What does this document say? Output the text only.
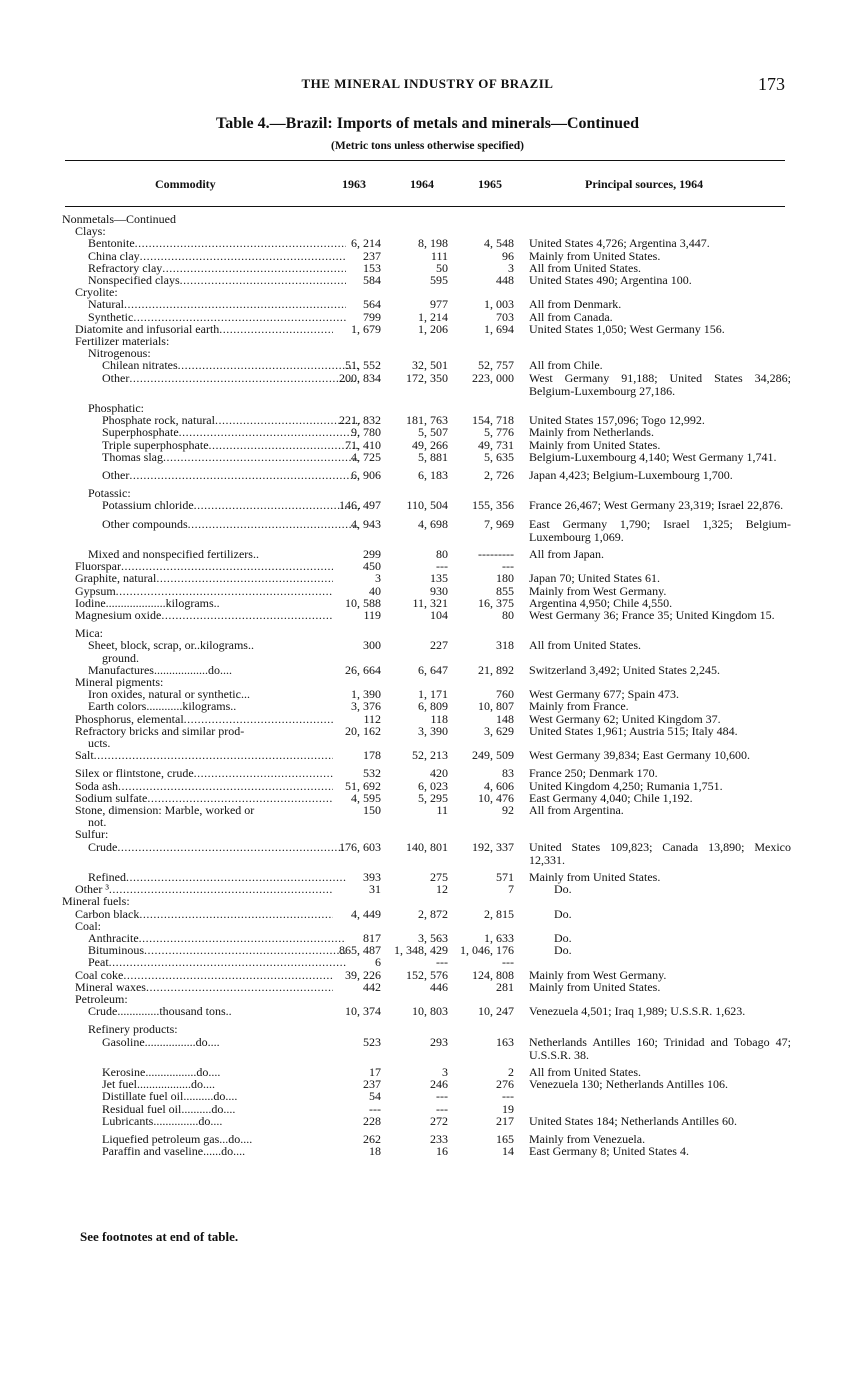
THE MINERAL INDUSTRY OF BRAZIL	173
Table 4.—Brazil: Imports of metals and minerals—Continued
(Metric tons unless otherwise specified)
Commodity	1963	1964	1965	Principal sources, 1964
Nonmetals—Continued
Clays:
Bentonite .....	6, 214	8, 198	4, 548 United States 4,726; Argentina 3,447.
China clay .....	237	111	96 Mainly from United States.
Refractory clay .....	153	50	3 All from United States.
Nonspecified clays .....	584	595	448 United States 490; Argentina 100.
Cryolite:
Natural .....	564	977	1, 003 All from Denmark.
Synthetic .....	799	1, 214	703 All from Canada.
Diatomite and infusorial earth .....	1, 679	1, 206	1, 694 United States 1,050; West Germany 156.
Fertilizer materials:
Nitrogenous:
Chilean nitrates .....	51, 552	32, 501	52, 757 All from Chile.
Other .....	200, 834	172, 350	223, 000 West Germany 91,188; United States 34,286; Belgium-Luxembourg 27,186.
Phosphatic:
Phosphate rock, natural .....	221, 832	181, 763	154, 718 United States 157,096; Togo 12,992.
Superphosphate .....	9, 780	5, 507	5, 776 Mainly from Netherlands.
Triple superphosphate .....	71, 410	49, 266	49, 731 Mainly from United States.
Thomas slag .....	4, 725	5, 881	5, 635 Belgium-Luxembourg 4,140; West Germany 1,741.
Other .....	6, 906	6, 183	2, 726 Japan 4,423; Belgium-Luxembourg 1,700.
Potassic:
Potassium chloride .....	146, 497	110, 504	155, 356 France 26,467; West Germany 23,319; Israel 22,876.
Other compounds .....	4, 943	4, 698	7, 969 East Germany 1,790; Israel 1,325; Belgium-Luxembourg 1,069.
Mixed and nonspecified fertilizers..	299	80	--------- All from Japan.
Fluorspar .....	450	---	---
Graphite, natural .....	3	135	180 Japan 70; United States 61.
Gypsum .....	40	930	855 Mainly from West Germany.
Iodine....................kilograms..	10, 588	11, 321	16, 375 Argentina 4,950; Chile 4,550.
Magnesium oxide .....	119	104	80 West Germany 36; France 35; United Kingdom 15.
Mica:
Sheet, block, scrap, or..kilograms..	300	227	318 All from United States.
ground.
Manufactures..................do....	26, 664	6, 647	21, 892 Switzerland 3,492; United States 2,245.
Mineral pigments:
Iron oxides, natural or synthetic...	1, 390	1, 171	760 West Germany 677; Spain 473.
Earth colors............kilograms..	3, 376	6, 809	10, 807 Mainly from France.
Phosphorus, elemental .....	112	118	148 West Germany 62; United Kingdom 37.
Refractory bricks and similar prod-	20, 162	3, 390	3, 629 United States 1,961; Austria 515; Italy 484.
ucts.
Salt .....	178	52, 213	249, 509 West Germany 39,834; East Germany 10,600.
Silex or flintstone, crude .....	532	420	83 France 250; Denmark 170.
Soda ash .....	51, 692	6, 023	4, 606 United Kingdom 4,250; Rumania 1,751.
Sodium sulfate .....	4, 595	5, 295	10, 476 East Germany 4,040; Chile 1,192.
Stone, dimension: Marble, worked or	150	11	92 All from Argentina.
not.
Sulfur:
Crude .....	176, 603	140, 801	192, 337 United States 109,823; Canada 13,890; Mexico 12,331.
Refined .....	393	275	571 Mainly from United States.
Other ³ .....	31	12	7	Do.
Mineral fuels:
Carbon black .....	4, 449	2, 872	2, 815	Do.
Coal:
Anthracite .....	817	3, 563	1, 633	Do.
Bituminous .....	865, 487	1, 348, 429	1, 046, 176	Do.
Peat .....	6	---	---
Coal coke .....	39, 226	152, 576	124, 808 Mainly from West Germany.
Mineral waxes .....	442	446	281 Mainly from United States.
Petroleum:
Crude..............thousand tons..	10, 374	10, 803	10, 247 Venezuela 4,501; Iraq 1,989; U.S.S.R. 1,623.
Refinery products:
Gasoline.................do....	523	293	163 Netherlands Antilles 160; Trinidad and Tobago 47; U.S.S.R. 38.
Kerosine.................do....	17	3	2 All from United States.
Jet fuel..................do....	237	246	276 Venezuela 130; Netherlands Antilles 106.
Distillate fuel oil..........do....	54	---	---
Residual fuel oil..........do....	---	---	19
Lubricants...............do....	228	272	217 United States 184; Netherlands Antilles 60.
Liquefied petroleum gas...do....	262	233	165 Mainly from Venezuela.
Paraffin and vaseline......do....	18	16	14 East Germany 8; United States 4.
See footnotes at end of table.
